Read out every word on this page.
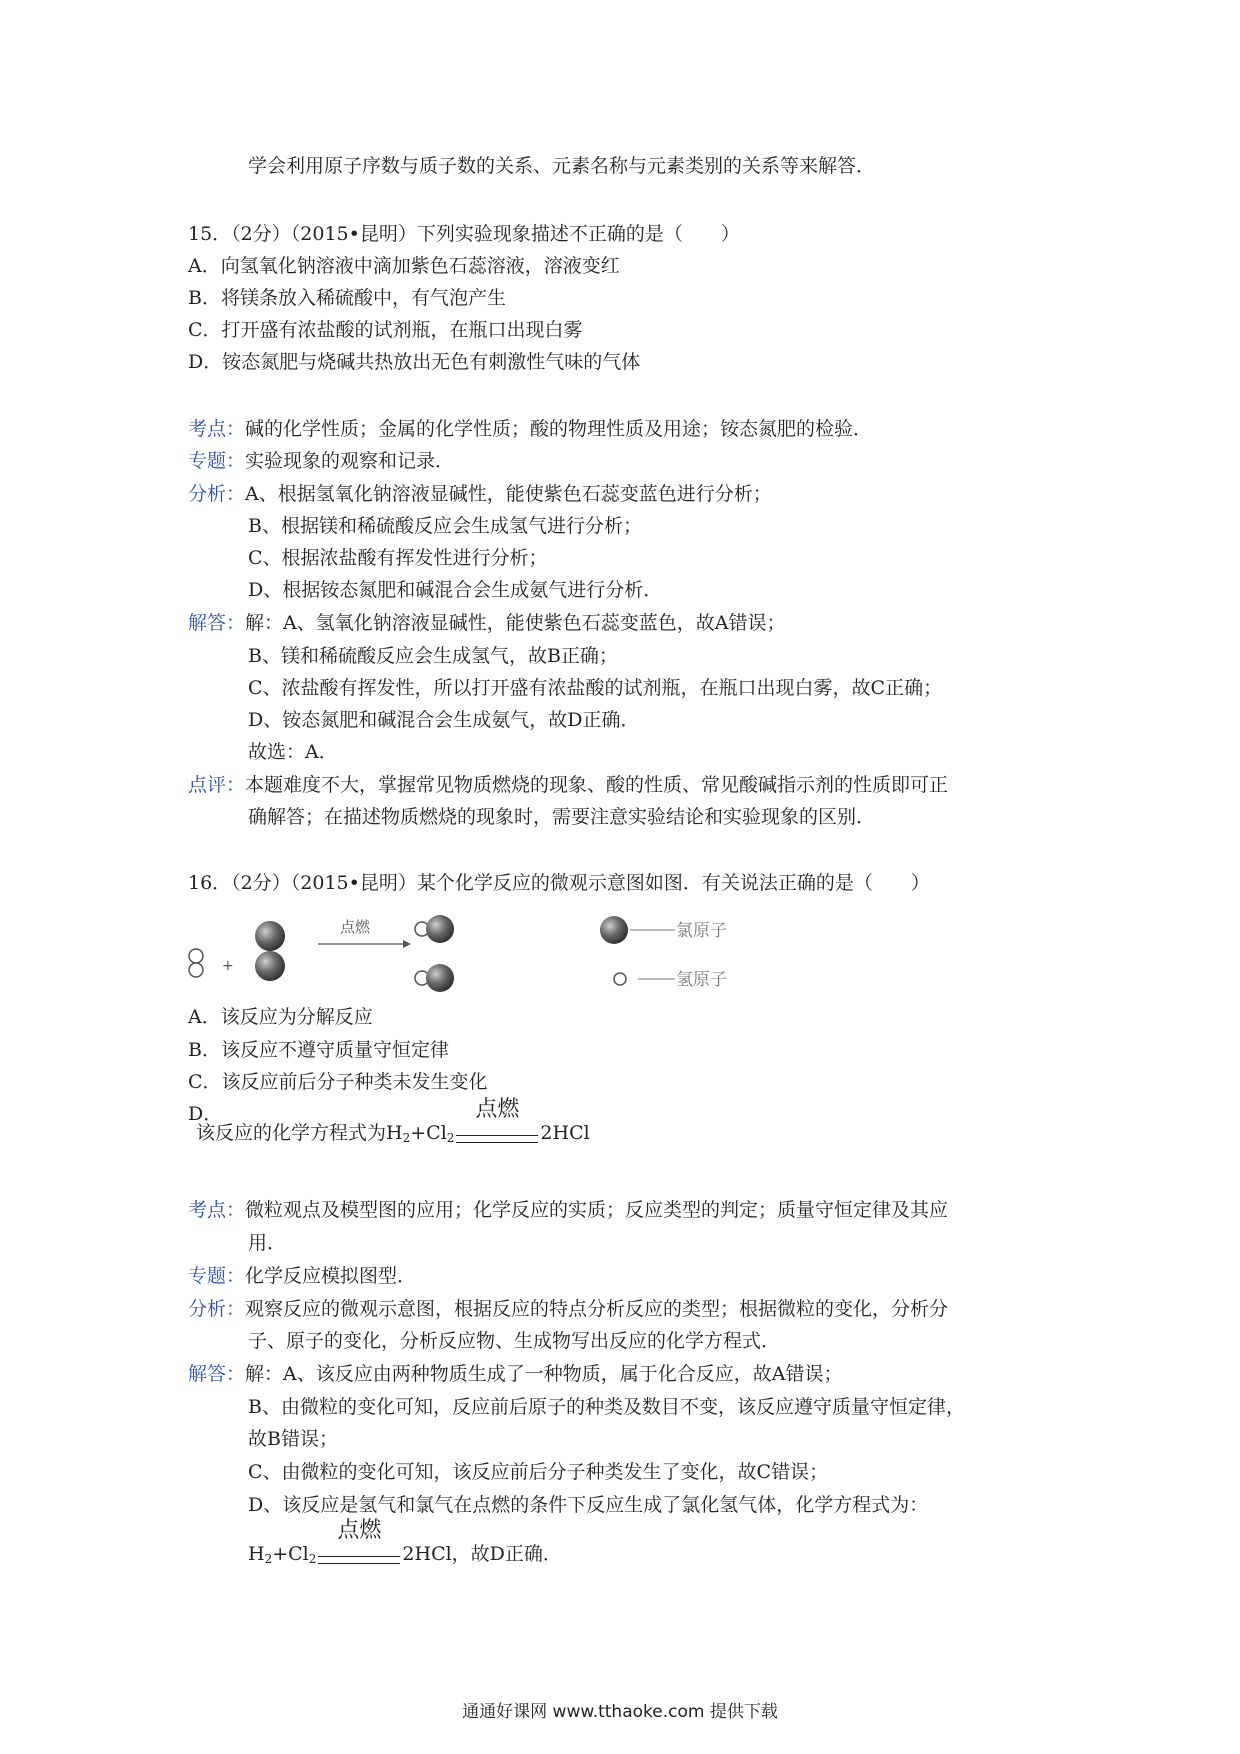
学会利用原子序数与质子数的关系、元素名称与元素类别的关系等来解答．
15．（2分）（2015•昆明）下列实验现象描述不正确的是（　　）
A．向氢氧化钠溶液中滴加紫色石蕊溶液，溶液变红
B．将镁条放入稀硫酸中，有气泡产生
C．打开盛有浓盐酸的试剂瓶，在瓶口出现白雾
D．铵态氮肥与烧碱共热放出无色有刺激性气味的气体
考点：碱的化学性质；金属的化学性质；酸的物理性质及用途；铵态氮肥的检验．
专题：实验现象的观察和记录．
分析：A、根据氢氧化钠溶液显碱性，能使紫色石蕊变蓝色进行分析；
B、根据镁和稀硫酸反应会生成氢气进行分析；
C、根据浓盐酸有挥发性进行分析；
D、根据铵态氮肥和碱混合会生成氨气进行分析．
解答：解：A、氢氧化钠溶液显碱性，能使紫色石蕊变蓝色，故A错误；
B、镁和稀硫酸反应会生成氢气，故B正确；
C、浓盐酸有挥发性，所以打开盛有浓盐酸的试剂瓶，在瓶口出现白雾，故C正确；
D、铵态氮肥和碱混合会生成氨气，故D正确．
故选：A．
点评：本题难度不大，掌握常见物质燃烧的现象、酸的性质、常见酸碱指示剂的性质即可正
确解答；在描述物质燃烧的现象时，需要注意实验结论和实验现象的区别．
16．（2分）（2015•昆明）某个化学反应的微观示意图如图．有关说法正确的是（　　）
+
点燃	氯原子
氢原子
A．该反应为分解反应
B．该反应不遵守质量守恒定律
C．该反应前后分子种类未发生变化
D．
该反应的化学方程式为$H_2+Cl_2$
点燃
2HCl
考点：微粒观点及模型图的应用；化学反应的实质；反应类型的判定；质量守恒定律及其应
用．
专题：化学反应模拟图型．
分析：观察反应的微观示意图，根据反应的特点分析反应的类型；根据微粒的变化，分析分
子、原子的变化，分析反应物、生成物写出反应的化学方程式．
解答：解：A、该反应由两种物质生成了一种物质，属于化合反应，故A错误；
B、由微粒的变化可知，反应前后原子的种类及数目不变，该反应遵守质量守恒定律，
故B错误；
C、由微粒的变化可知，该反应前后分子种类发生了变化，故C错误；
D、该反应是氢气和氯气在点燃的条件下反应生成了氯化氢气体，化学方程式为：
$H_2+Cl_2$
点燃
2HCl，故D正确．
通通好课网 www.tthaoke.com 提供下载
